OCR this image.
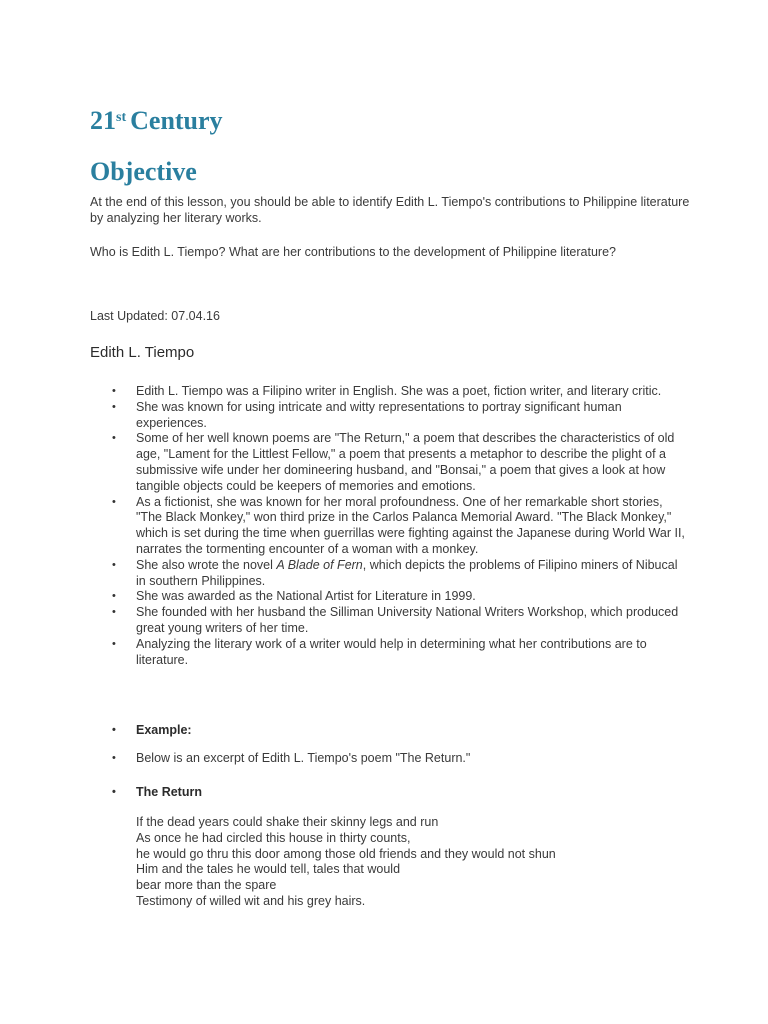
21st Century
Objective

At the end of this lesson, you should be able to identify Edith L. Tiempo's contributions to Philippine literature by analyzing her literary works.

Who is Edith L. Tiempo? What are her contributions to the development of Philippine literature?

Last Updated: 07.04.16

Edith L. Tiempo
• Edith L. Tiempo was a Filipino writer in English. She was a poet, fiction writer, and literary critic.
• She was known for using intricate and witty representations to portray significant human experiences.
• Some of her well known poems are "The Return," a poem that describes the characteristics of old age, "Lament for the Littlest Fellow," a poem that presents a metaphor to describe the plight of a submissive wife under her domineering husband, and "Bonsai," a poem that gives a look at how tangible objects could be keepers of memories and emotions.
• As a fictionist, she was known for her moral profoundness. One of her remarkable short stories, "The Black Monkey," won third prize in the Carlos Palanca Memorial Award. "The Black Monkey," which is set during the time when guerrillas were fighting against the Japanese during World War II, narrates the tormenting encounter of a woman with a monkey.
• She also wrote the novel A Blade of Fern, which depicts the problems of Filipino miners of Nibucal in southern Philippines.
• She was awarded as the National Artist for Literature in 1999.
• She founded with her husband the Silliman University National Writers Workshop, which produced great young writers of her time.
• Analyzing the literary work of a writer would help in determining what her contributions are to literature.
• Example:
• Below is an excerpt of Edith L. Tiempo's poem "The Return."
• The Return
If the dead years could shake their skinny legs and run
As once he had circled this house in thirty counts,
he would go thru this door among those old friends and they would not shun
Him and the tales he would tell, tales that would
bear more than the spare
Testimony of willed wit and his grey hairs.
